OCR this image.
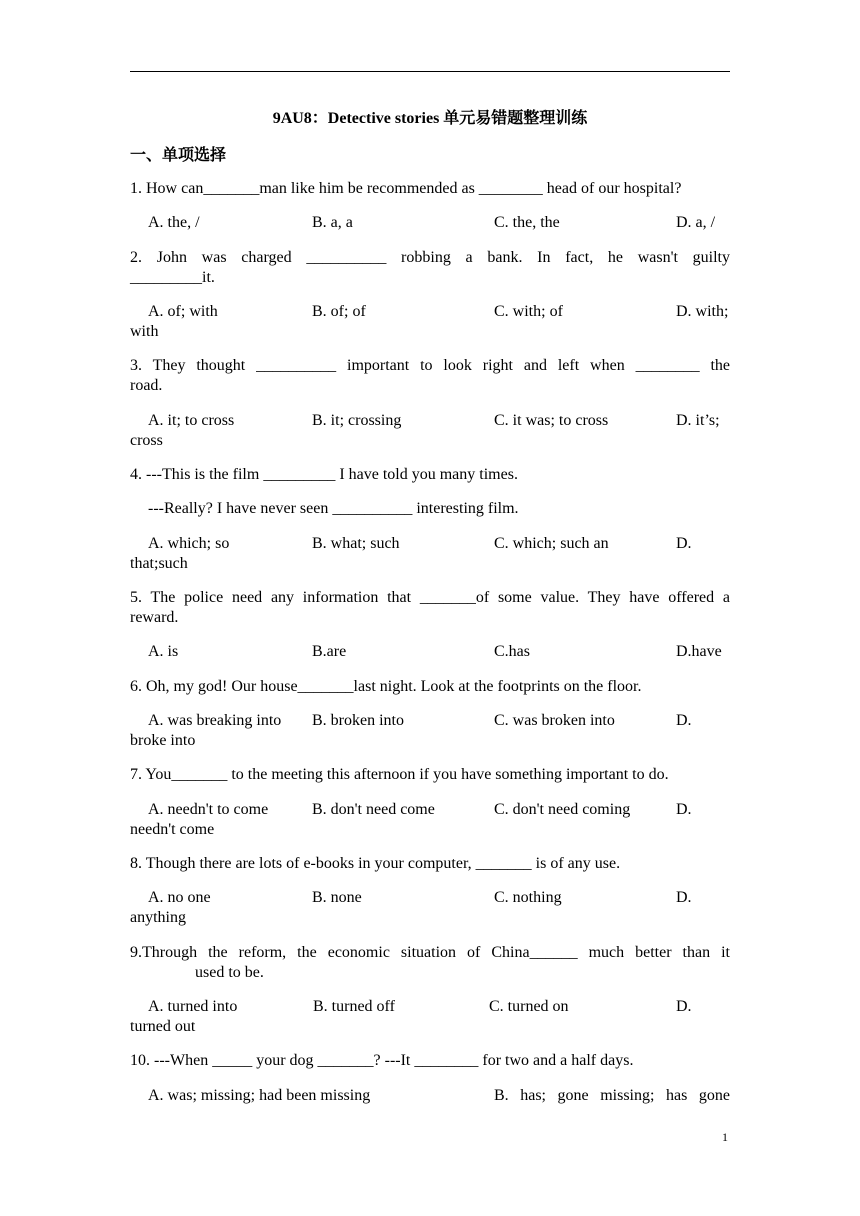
9AU8：Detective stories 单元易错题整理训练
一、单项选择
1. How can_______man like him be recommended as ________ head of our hospital?
A. the, /	B. a, a	C. the, the	D. a, /
2. John was charged __________ robbing a bank. In fact, he wasn't guilty
_________it.
A. of; with	B. of; of	C. with; of	D. with;
with
3. They thought __________ important to look right and left when ________ the
road.
A. it; to cross	B. it; crossing	C. it was; to cross	D. it’s;
cross
4. ---This is the film _________ I have told you many times.
---Really? I have never seen __________ interesting film.
A. which; so	B. what; such	C. which; such an	D.
that;such
5. The police need any information that _______of some value. They have offered a
reward.
A. is	B.are	C.has	D.have
6. Oh, my god! Our house_______last night. Look at the footprints on the floor.
A. was breaking into B. broken into	C. was broken into	D.
broke into
7. You_______ to the meeting this afternoon if you have something important to do.
A. needn't to come	B. don't need come	C. don't need coming	D.
needn't come
8. Though there are lots of e-books in your computer, _______ is of any use.
A. no one	B. none	C. nothing	D.
anything
9.Through the reform, the economic situation of China______ much better than it
used to be.
A. turned into	B. turned off	C. turned on	D.
turned out
10. ---When _____ your dog _______? ---It ________ for two and a half days.
A. was; missing; had been missing	B. has; gone missing; has gone
1
